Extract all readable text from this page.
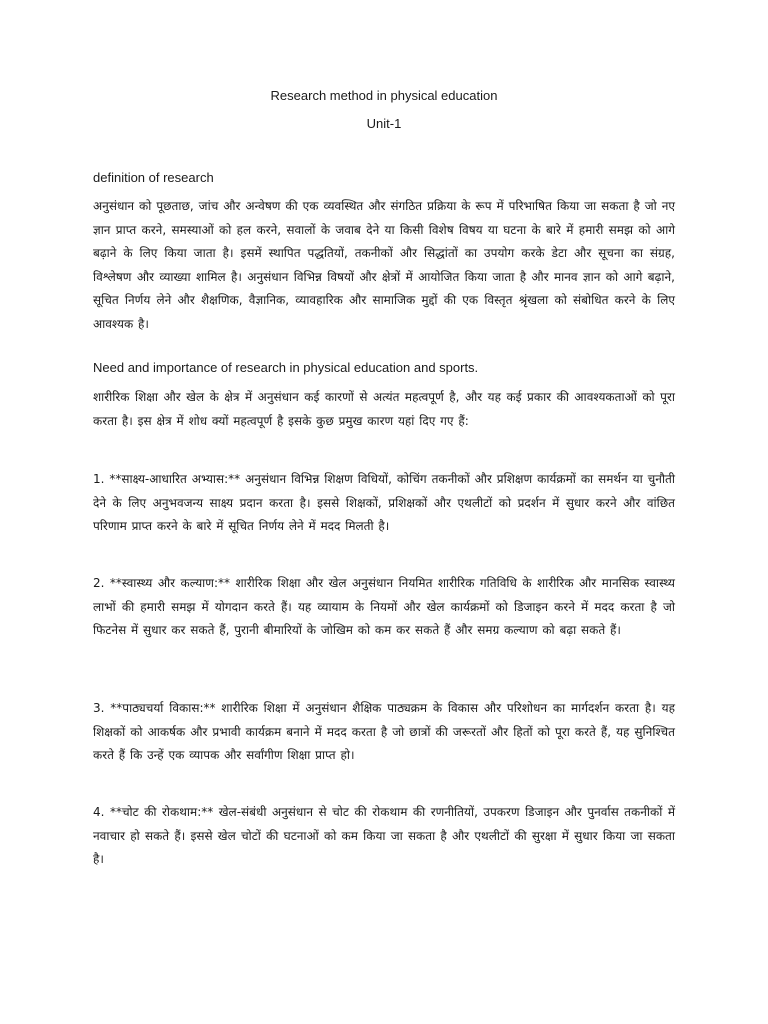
Research method in physical education
Unit-1
definition of research
अनुसंधान को पूछताछ, जांच और अन्वेषण की एक व्यवस्थित और संगठित प्रक्रिया के रूप में परिभाषित किया जा सकता है जो नए ज्ञान प्राप्त करने, समस्याओं को हल करने, सवालों के जवाब देने या किसी विशेष विषय या घटना के बारे में हमारी समझ को आगे बढ़ाने के लिए किया जाता है। इसमें स्थापित पद्धतियों, तकनीकों और सिद्धांतों का उपयोग करके डेटा और सूचना का संग्रह, विश्लेषण और व्याख्या शामिल है। अनुसंधान विभिन्न विषयों और क्षेत्रों में आयोजित किया जाता है और मानव ज्ञान को आगे बढ़ाने, सूचित निर्णय लेने और शैक्षणिक, वैज्ञानिक, व्यावहारिक और सामाजिक मुद्दों की एक विस्तृत श्रृंखला को संबोधित करने के लिए आवश्यक है।
Need and importance of research in physical education and sports.
शारीरिक शिक्षा और खेल के क्षेत्र में अनुसंधान कई कारणों से अत्यंत महत्वपूर्ण है, और यह कई प्रकार की आवश्यकताओं को पूरा करता है। इस क्षेत्र में शोध क्यों महत्वपूर्ण है इसके कुछ प्रमुख कारण यहां दिए गए हैं:
1. **साक्ष्य-आधारित अभ्यास:** अनुसंधान विभिन्न शिक्षण विधियों, कोचिंग तकनीकों और प्रशिक्षण कार्यक्रमों का समर्थन या चुनौती देने के लिए अनुभवजन्य साक्ष्य प्रदान करता है। इससे शिक्षकों, प्रशिक्षकों और एथलीटों को प्रदर्शन में सुधार करने और वांछित परिणाम प्राप्त करने के बारे में सूचित निर्णय लेने में मदद मिलती है।
2. **स्वास्थ्य और कल्याण:** शारीरिक शिक्षा और खेल अनुसंधान नियमित शारीरिक गतिविधि के शारीरिक और मानसिक स्वास्थ्य लाभों की हमारी समझ में योगदान करते हैं। यह व्यायाम के नियमों और खेल कार्यक्रमों को डिजाइन करने में मदद करता है जो फिटनेस में सुधार कर सकते हैं, पुरानी बीमारियों के जोखिम को कम कर सकते हैं और समग्र कल्याण को बढ़ा सकते हैं।
3. **पाठ्यचर्या विकास:** शारीरिक शिक्षा में अनुसंधान शैक्षिक पाठ्यक्रम के विकास और परिशोधन का मार्गदर्शन करता है। यह शिक्षकों को आकर्षक और प्रभावी कार्यक्रम बनाने में मदद करता है जो छात्रों की जरूरतों और हितों को पूरा करते हैं, यह सुनिश्चित करते हैं कि उन्हें एक व्यापक और सर्वांगीण शिक्षा प्राप्त हो।
4. **चोट की रोकथाम:** खेल-संबंधी अनुसंधान से चोट की रोकथाम की रणनीतियों, उपकरण डिजाइन और पुनर्वास तकनीकों में नवाचार हो सकते हैं। इससे खेल चोटों की घटनाओं को कम किया जा सकता है और एथलीटों की सुरक्षा में सुधार किया जा सकता है।
